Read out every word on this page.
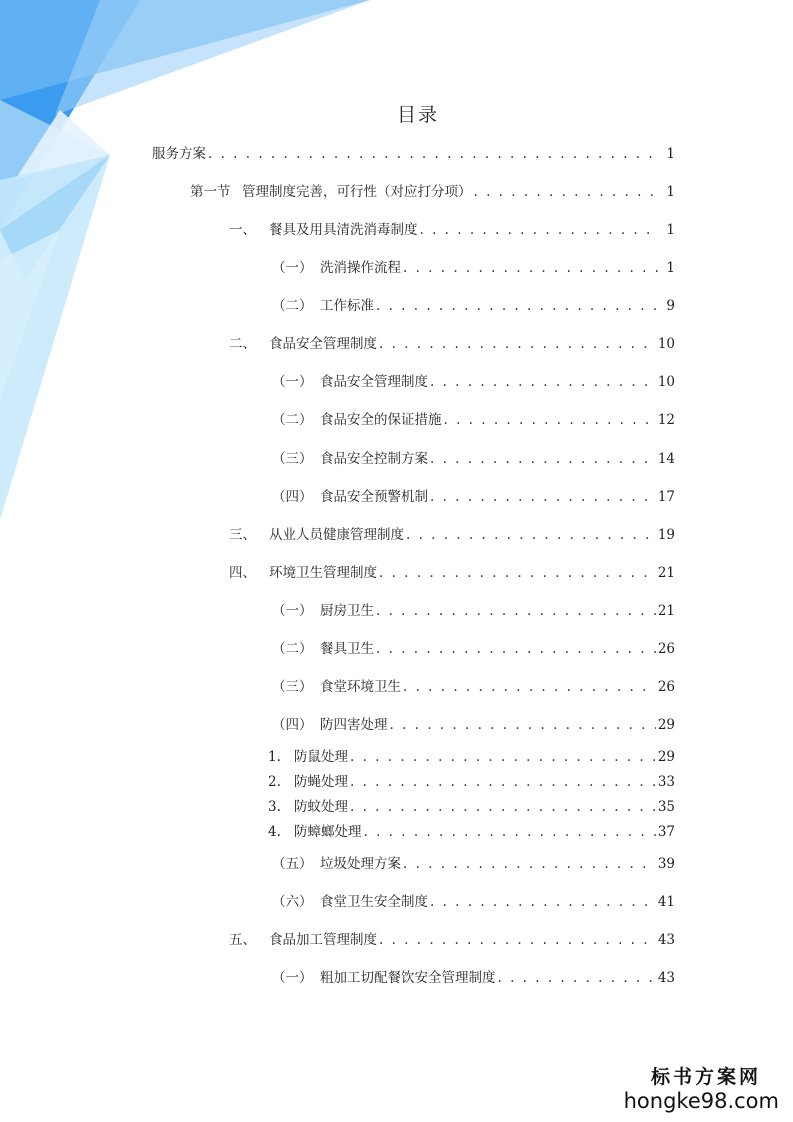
目录
服务方案 . . .	1
第一节 管理制度完善，可行性（对应打分项） . . .	1
一、 餐具及用具清洗消毒制度 . . .	1
（一） 洗消操作流程 . . .	1
（二） 工作标准 . . .	9
二、 食品安全管理制度 . . .	10
（一） 食品安全管理制度 . . .	10
（二） 食品安全的保证措施 . . .	12
（三） 食品安全控制方案 . . .	14
（四） 食品安全预警机制 . . .	17
三、 从业人员健康管理制度 . . .	19
四、 环境卫生管理制度 . . .	21
（一） 厨房卫生 . . .	21
（二） 餐具卫生 . . .	26
（三） 食堂环境卫生 . . .	26
（四） 防四害处理 . . .	29
1. 防鼠处理 . . .	29
2. 防蝇处理 . . .	33
3. 防蚊处理 . . .	35
4. 防蟑螂处理 . . .	37
（五） 垃圾处理方案 . . .	39
（六） 食堂卫生安全制度 . . .	41
五、 食品加工管理制度 . . .	43
（一） 粗加工切配餐饮安全管理制度 . . .	43
标书方案网
hongke98.com
